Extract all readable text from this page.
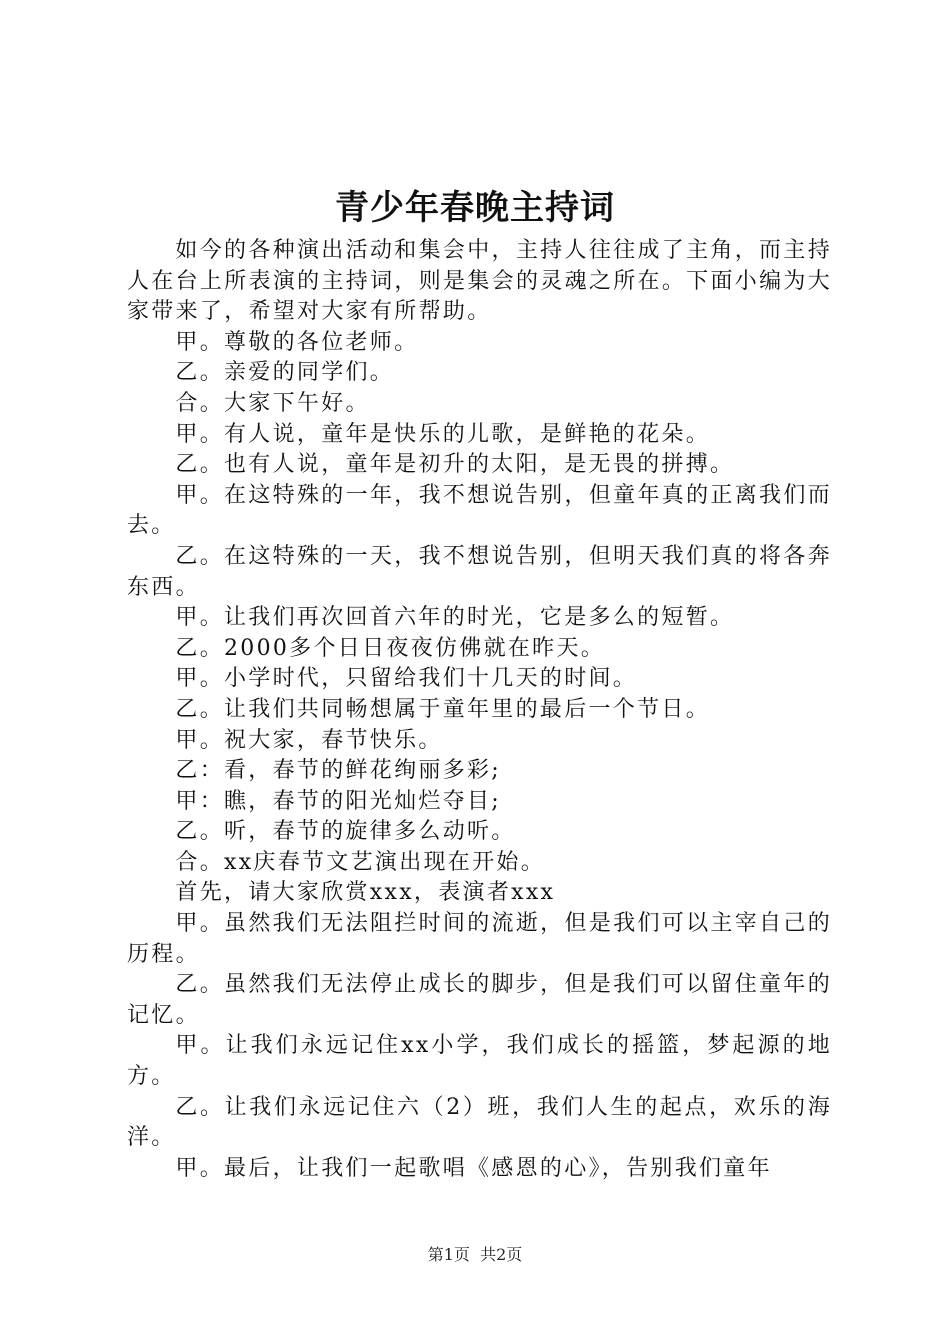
青少年春晚主持词

如今的各种演出活动和集会中，主持人往往成了主角，而主持人在台上所表演的主持词，则是集会的灵魂之所在。下面小编为大家带来了，希望对大家有所帮助。

甲。尊敬的各位老师。

乙。亲爱的同学们。

合。大家下午好。

甲。有人说，童年是快乐的儿歌，是鲜艳的花朵。

乙。也有人说，童年是初升的太阳，是无畏的拼搏。

甲。在这特殊的一年，我不想说告别，但童年真的正离我们而去。

乙。在这特殊的一天，我不想说告别，但明天我们真的将各奔东西。

甲。让我们再次回首六年的时光，它是多么的短暂。

乙。2000多个日日夜夜仿佛就在昨天。

甲。小学时代，只留给我们十几天的时间。

乙。让我们共同畅想属于童年里的最后一个节日。

甲。祝大家，春节快乐。

乙：看，春节的鲜花绚丽多彩;

甲：瞧，春节的阳光灿烂夺目;

乙。听，春节的旋律多么动听。

合。xx庆春节文艺演出现在开始。

首先，请大家欣赏xxx，表演者xxx

甲。虽然我们无法阻拦时间的流逝，但是我们可以主宰自己的历程。

乙。虽然我们无法停止成长的脚步，但是我们可以留住童年的记忆。

甲。让我们永远记住xx小学，我们成长的摇篮，梦起源的地方。

乙。让我们永远记住六（2）班，我们人生的起点，欢乐的海洋。

甲。最后，让我们一起歌唱《感恩的心》，告别我们童年

第1页 共2页
